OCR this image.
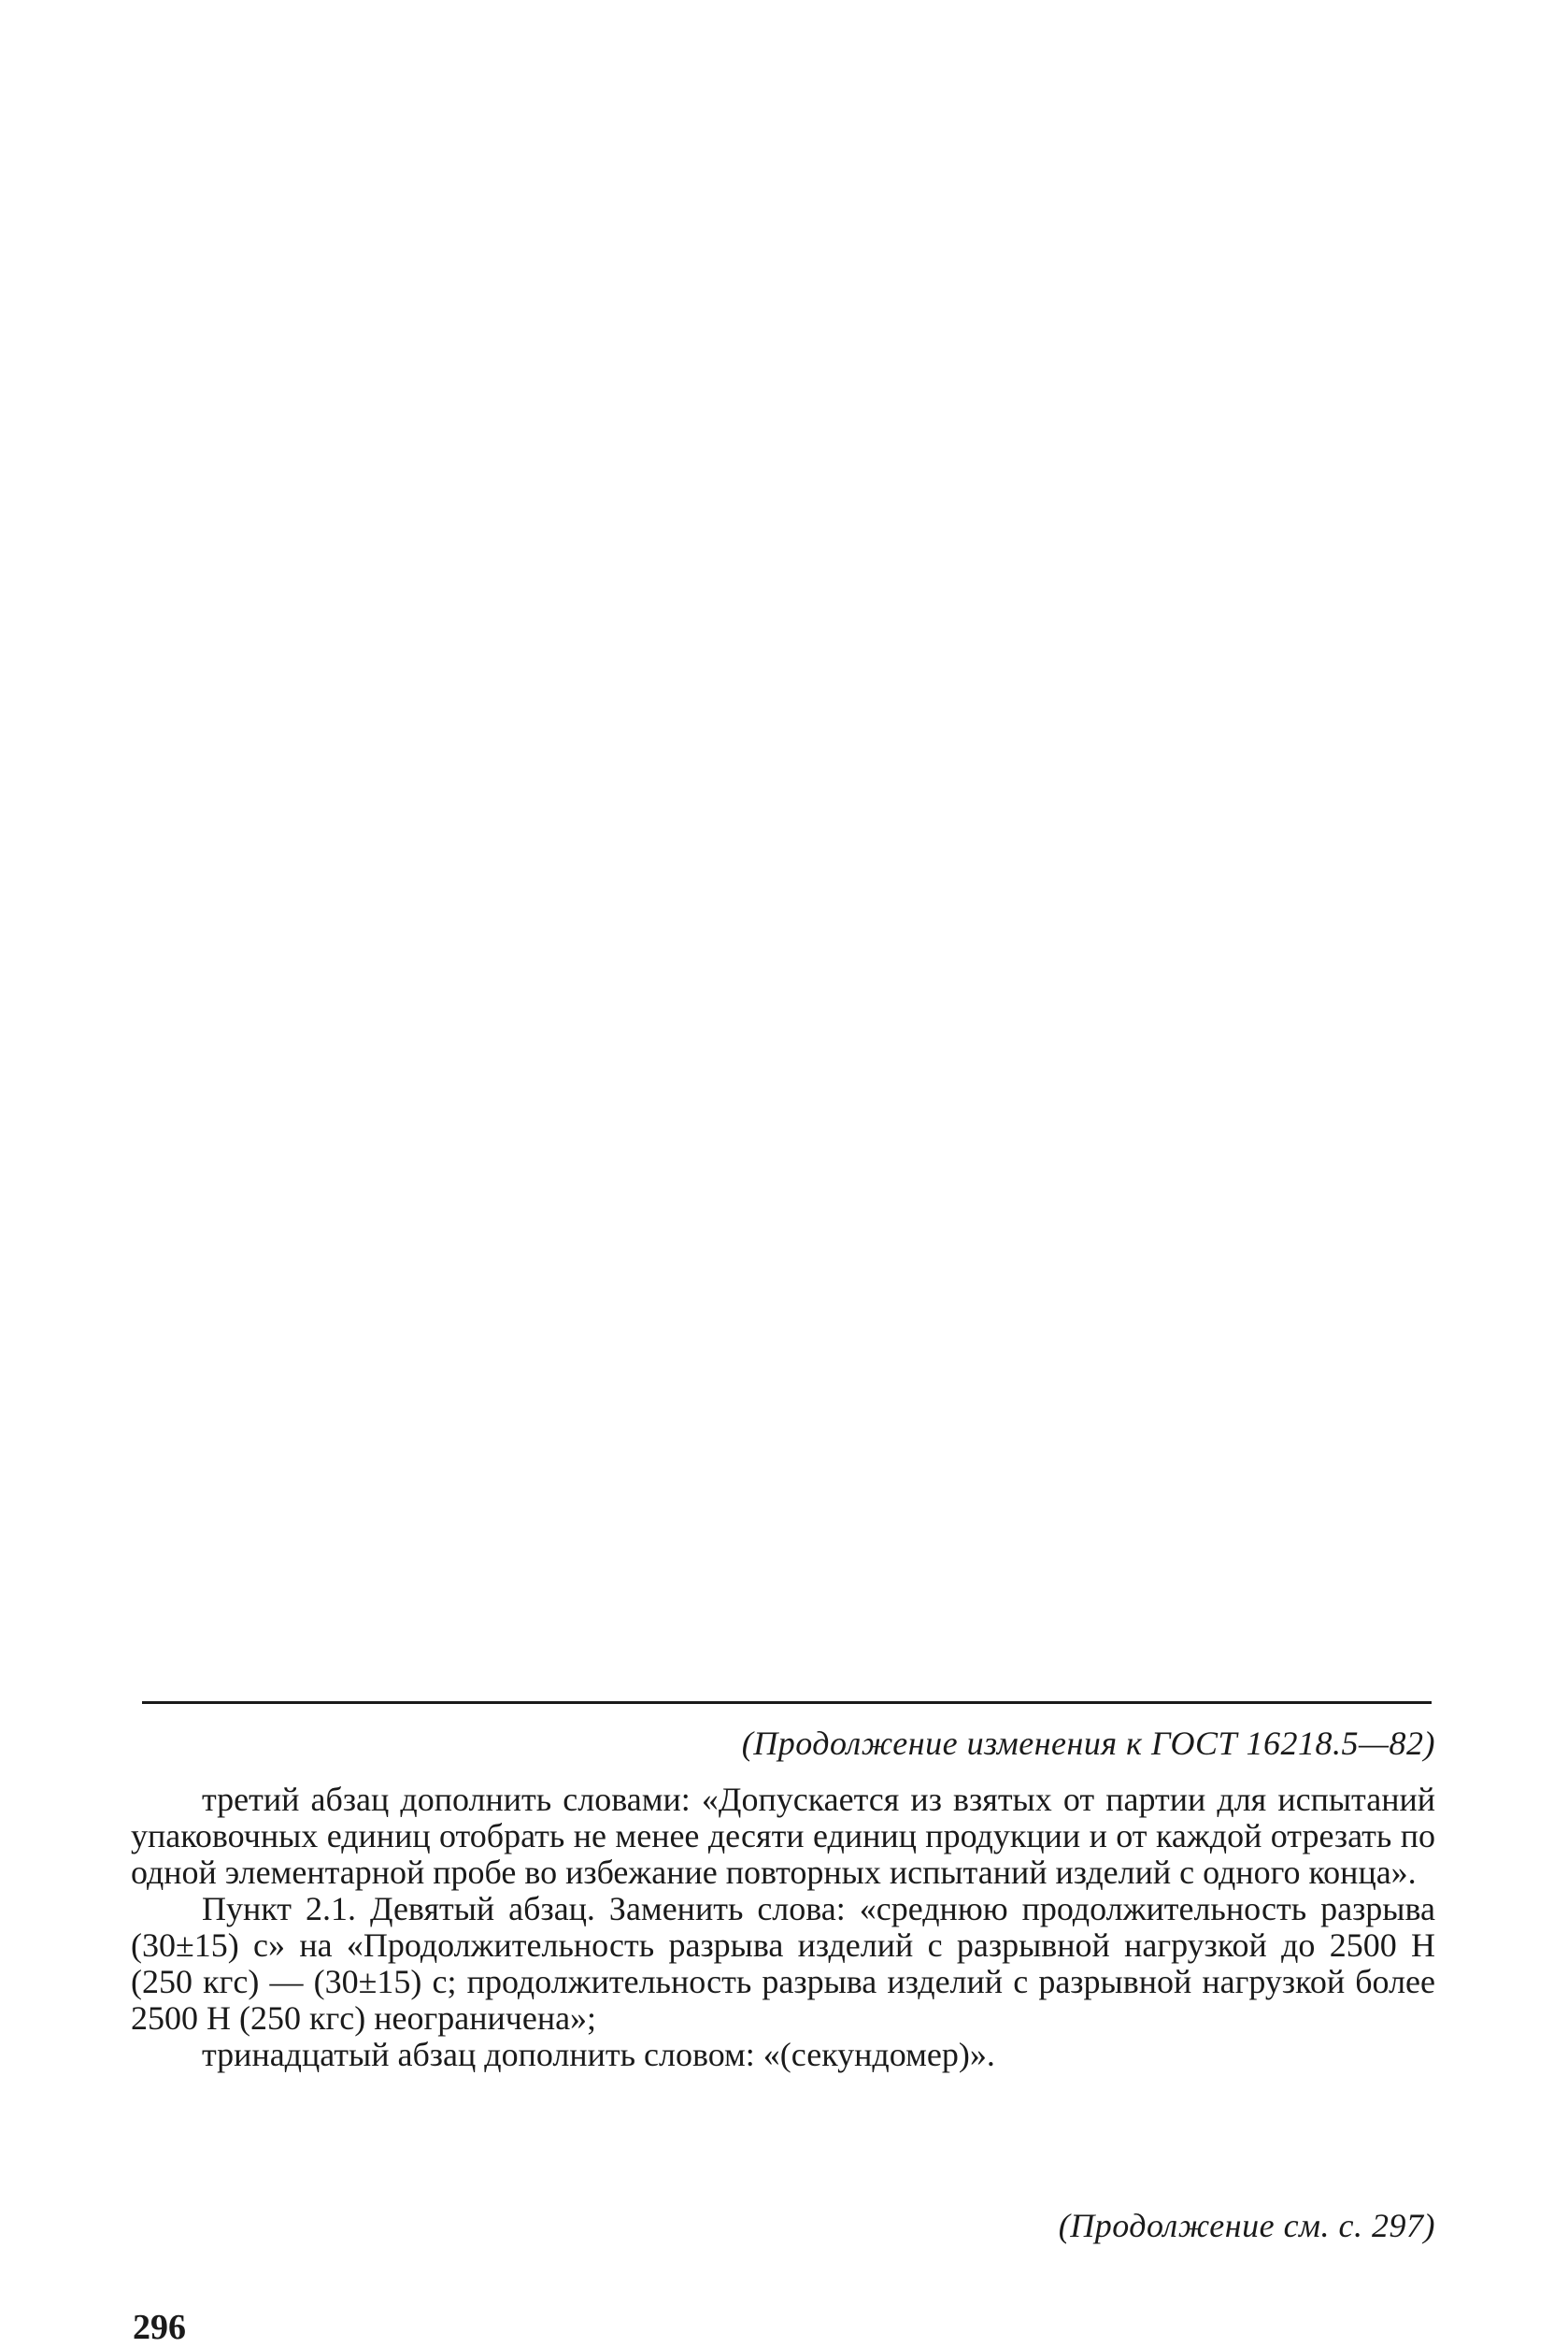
(Продолжение изменения к ГОСТ 16218.5—82)

третий абзац дополнить словами: «Допускается из взятых от партии для испытаний упаковочных единиц отобрать не менее десяти единиц продукции и от каждой отрезать по одной элементарной пробе во избежание повторных испытаний изделий с одного конца».

Пункт 2.1. Девятый абзац. Заменить слова: «среднюю продолжительность разрыва (30±15) с» на «Продолжительность разрыва изделий с разрывной нагрузкой до 2500 Н (250 кгс) — (30±15) с; продолжительность разрыва изделий с разрывной нагрузкой более 2500 Н (250 кгс) неограничена»;

тринадцатый абзац дополнить словом: «(секундомер)».

(Продолжение см. с. 297)
296
